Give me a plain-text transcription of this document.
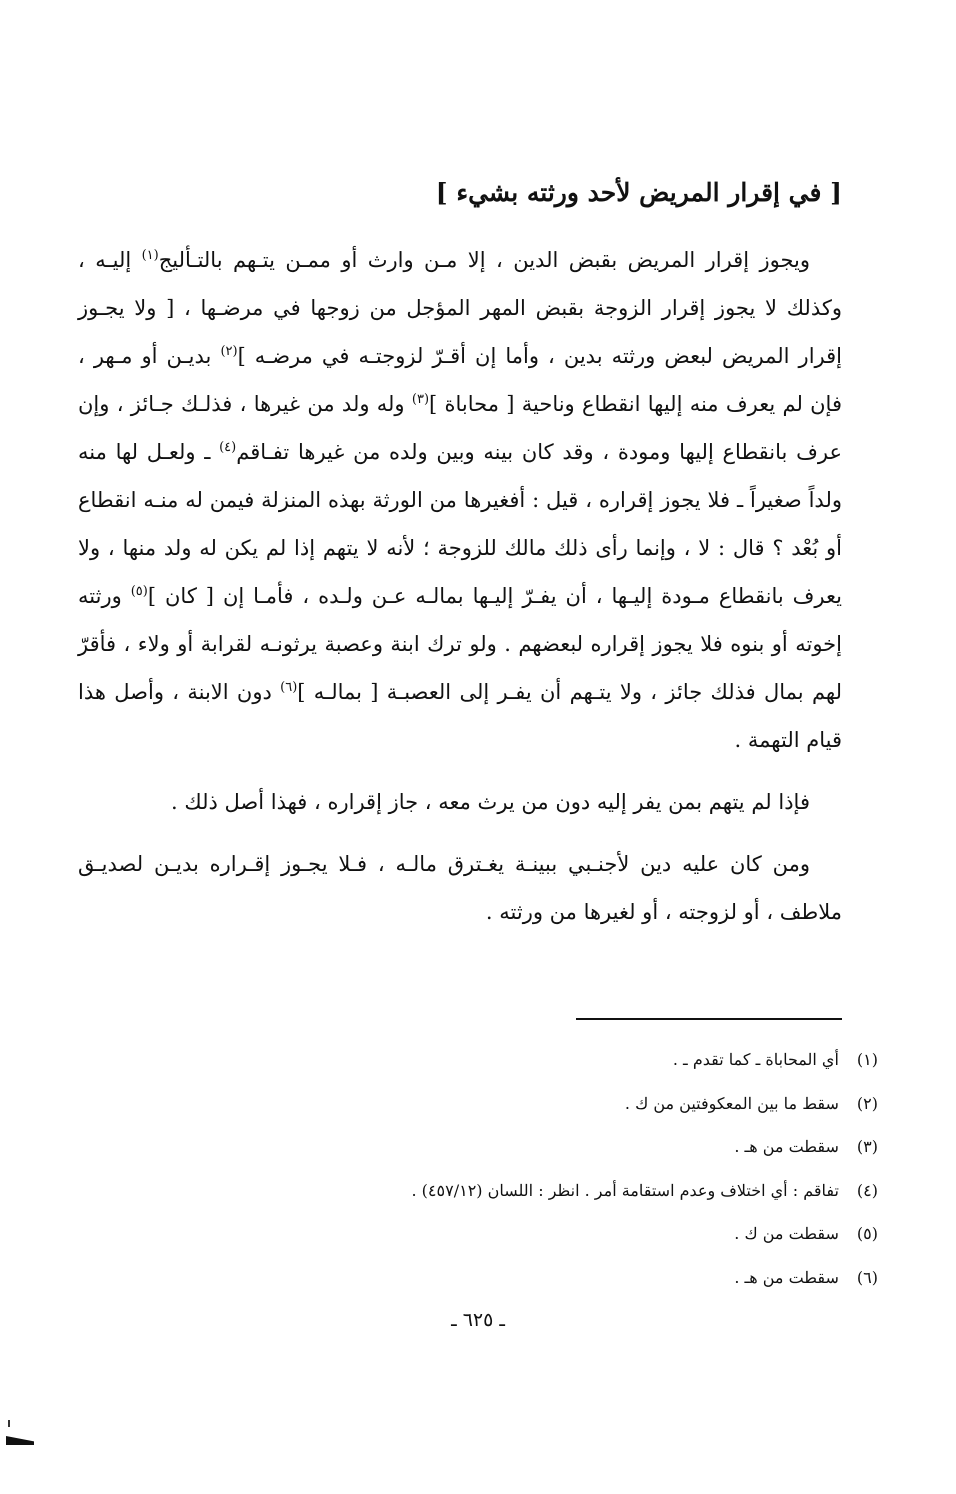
[ في إقرار المريض لأحد ورثته بشيء ]

ويجوز إقرار المريض بقبض الدين ، إلا مـن وارث أو ممـن يتـهم بالتـأليج$^{(١)}$ إليـه ، وكذلك لا يجوز إقرار الزوجة بقبض المهر المؤجل من زوجها في مرضـها ، [ ولا يجـوز إقرار المريض لبعض ورثته بدين ، وأما إن أقـرّ لزوجتـه في مرضـه ]$^{(٢)}$ بديـن أو مـهر ، فإن لم يعرف منه إليها انقطاع وناحية [ محاباة ]$^{(٣)}$ وله ولد من غيرها ، فذلـك جـائز ، وإن عرف بانقطاع إليها ومودة ، وقد كان بينه وبين ولده من غيرها تفـاقم$^{(٤)}$ ـ ولعـل لها منه ولداً صغيراً ـ فلا يجوز إقراره ، قيل : أفغيرها من الورثة بهذه المنزلة فيمن له منـه انقطاع أو بُعْد ؟ قال : لا ، وإنما رأى ذلك مالك للزوجة ؛ لأنه لا يتهم إذا لم يكن له ولد منها ، ولا يعرف بانقطاع مـودة إليـها ، أن يفـرّ إليـها بمالـه عـن ولـده ، فأمـا إن [ كان ]$^{(٥)}$ ورثته إخوته أو بنوه فلا يجوز إقراره لبعضهم . ولو ترك ابنة وعصبة يرثونـه لقرابة أو ولاء ، فأقرّ لهم بمال فذلك جائز ، ولا يتـهم أن يفـر إلى العصبـة [ بمالـه ]$^{(٦)}$ دون الابنة ، وأصل هذا قيام التهمة .

فإذا لم يتهم بمن يفر إليه دون من يرث معه ، جاز إقراره ، فهذا أصل ذلك .

ومن كان عليه دين لأجنـبي ببينـة يغـترق مالـه ، فـلا يجـوز إقـراره بديـن لصديـق ملاطف ، أو لزوجته ، أو لغيرها من ورثته .

(١) أي المحاباة ـ كما تقدم ـ .
(٢) سقط ما بين المعكوفتين من ك .
(٣) سقطت من هـ .
(٤) تفاقم : أي اختلاف وعدم استقامة أمر . انظر : اللسان (٤٥٧/١٢) .
(٥) سقطت من ك .
(٦) سقطت من هـ .
ـ ٦٢٥ ـ
